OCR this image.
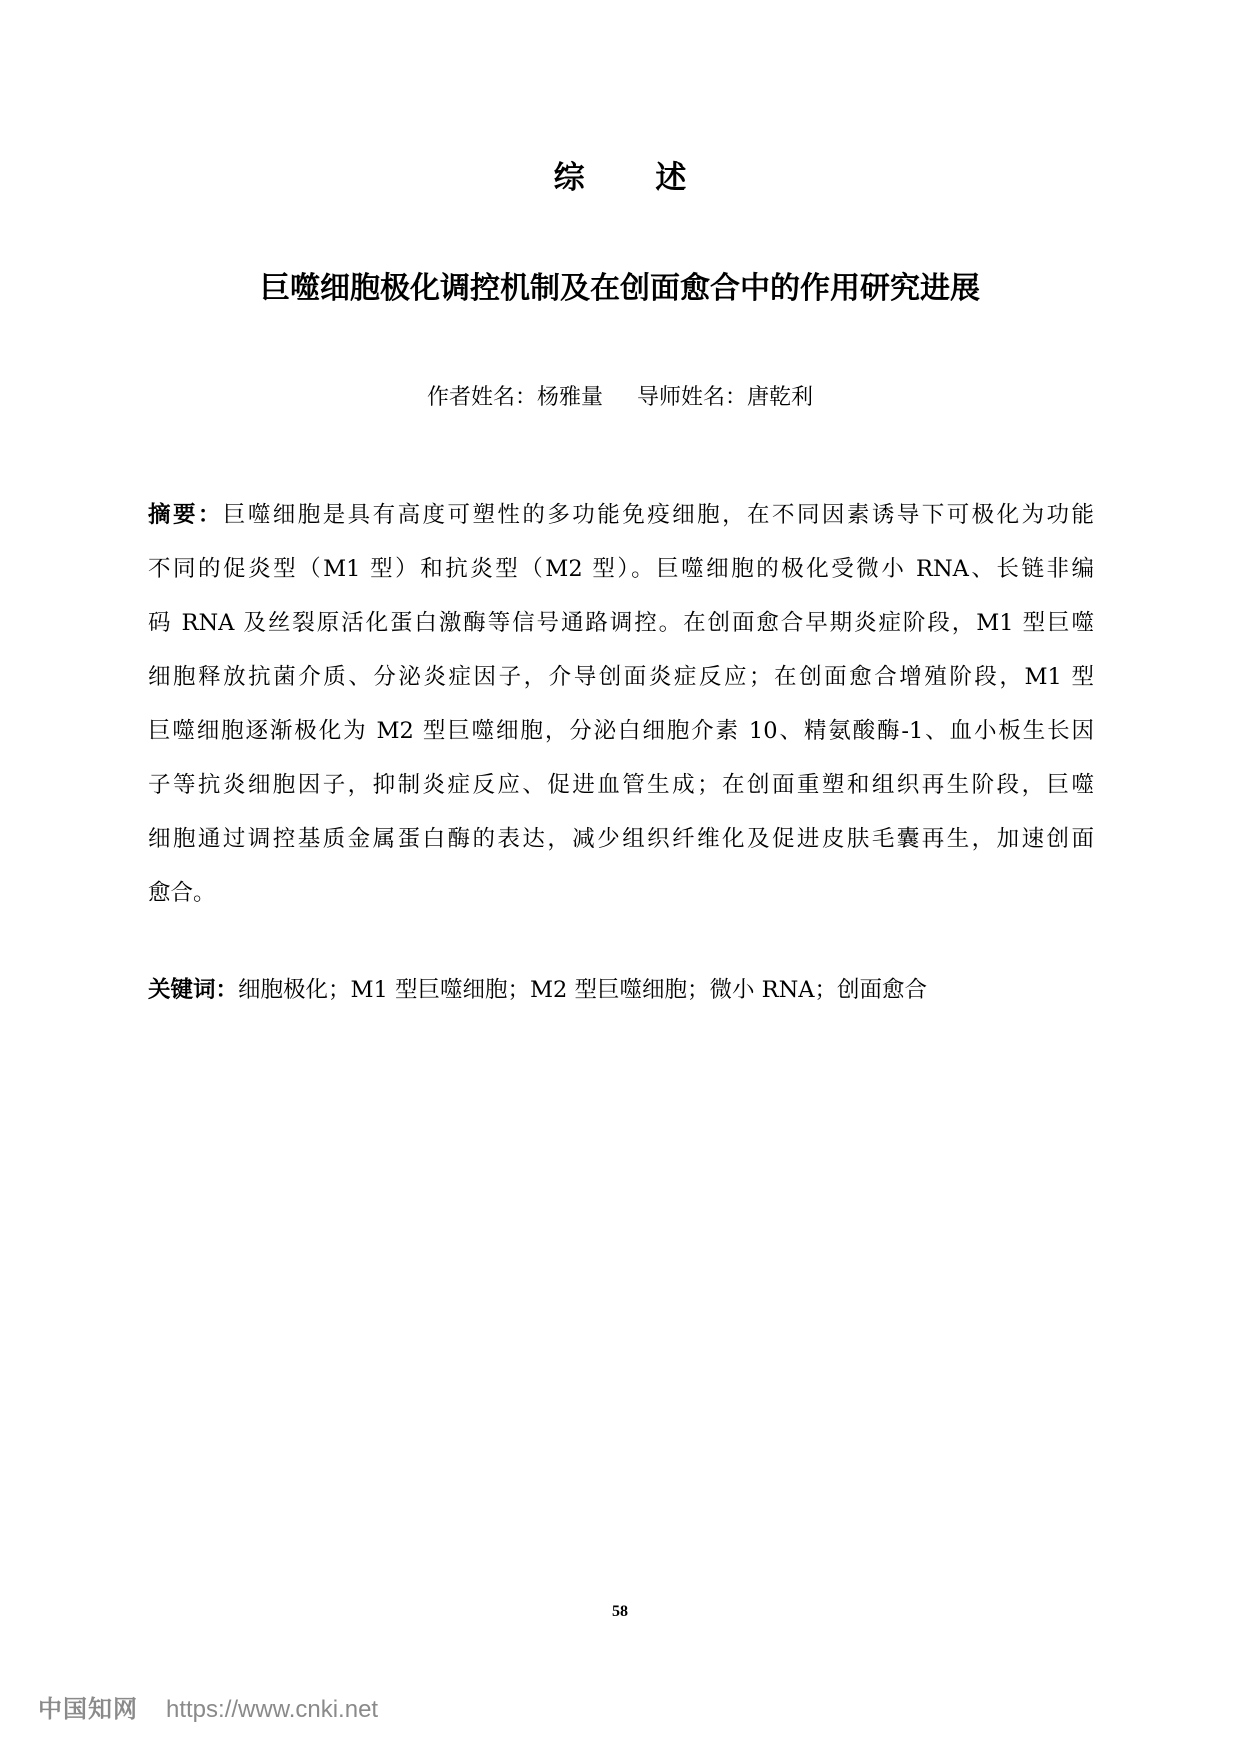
综 述
巨噬细胞极化调控机制及在创面愈合中的作用研究进展
作者姓名：杨雅量 导师姓名：唐乾利
摘要：巨噬细胞是具有高度可塑性的多功能免疫细胞，在不同因素诱导下可极化为功能
不同的促炎型（M1 型）和抗炎型（M2 型）。巨噬细胞的极化受微小 RNA、长链非编
码 RNA 及丝裂原活化蛋白激酶等信号通路调控。在创面愈合早期炎症阶段，M1 型巨噬
细胞释放抗菌介质、分泌炎症因子，介导创面炎症反应；在创面愈合增殖阶段，M1 型
巨噬细胞逐渐极化为 M2 型巨噬细胞，分泌白细胞介素 10、精氨酸酶-1、血小板生长因
子等抗炎细胞因子，抑制炎症反应、促进血管生成；在创面重塑和组织再生阶段，巨噬
细胞通过调控基质金属蛋白酶的表达，减少组织纤维化及促进皮肤毛囊再生，加速创面
愈合。
关键词：细胞极化；M1 型巨噬细胞；M2 型巨噬细胞；微小 RNA；创面愈合
58
中国知网 https://www.cnki.net
